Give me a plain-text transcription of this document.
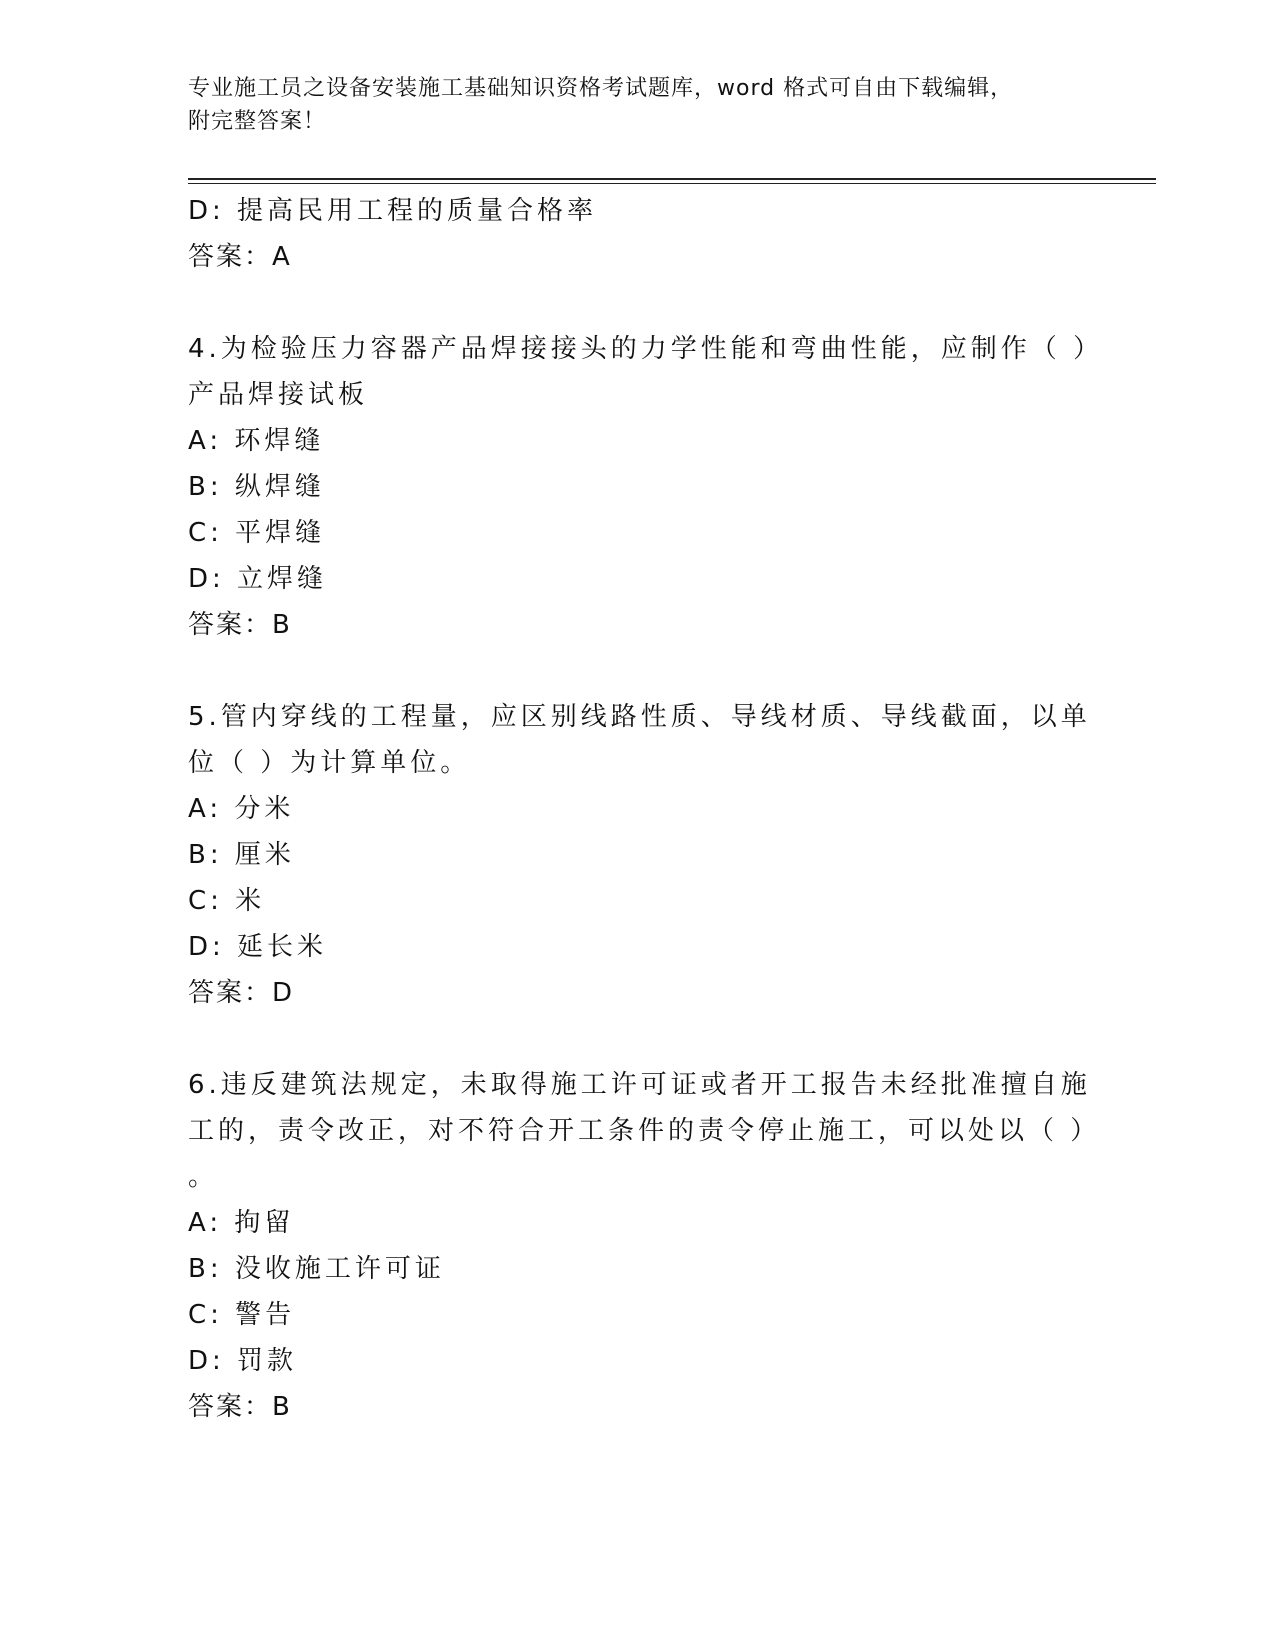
专业施工员之设备安装施工基础知识资格考试题库，word 格式可自由下载编辑，
附完整答案！
D: 提高民用工程的质量合格率
答案：A
4.为检验压力容器产品焊接接头的力学性能和弯曲性能，应制作（ ）
产品焊接试板
A: 环焊缝
B: 纵焊缝
C: 平焊缝
D: 立焊缝
答案：B
5.管内穿线的工程量，应区别线路性质、导线材质、导线截面，以单
位（ ）为计算单位。
A: 分米
B: 厘米
C: 米
D: 延长米
答案：D
6.违反建筑法规定，未取得施工许可证或者开工报告未经批准擅自施
工的，责令改正，对不符合开工条件的责令停止施工，可以处以（ ）
。
A: 拘留
B: 没收施工许可证
C: 警告
D: 罚款
答案：B
